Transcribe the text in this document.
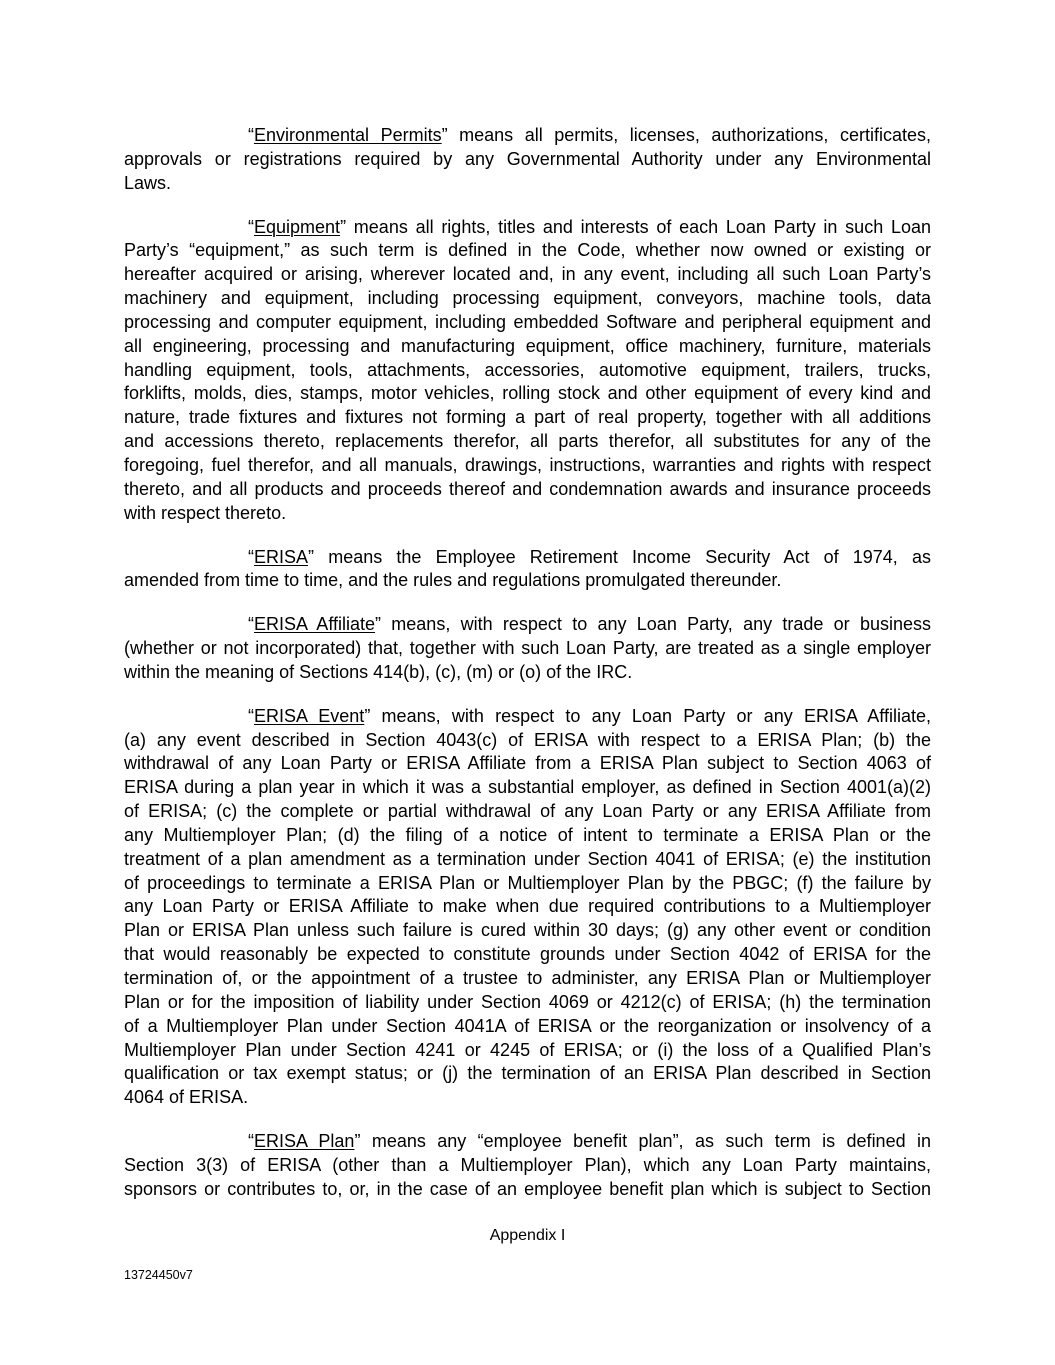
“Environmental Permits” means all permits, licenses, authorizations, certificates,
approvals or registrations required by any Governmental Authority under any Environmental
Laws.
“Equipment” means all rights, titles and interests of each Loan Party in such Loan
Party’s “equipment,” as such term is defined in the Code, whether now owned or existing or
hereafter acquired or arising, wherever located and, in any event, including all such Loan Party’s
machinery and equipment, including processing equipment, conveyors, machine tools, data
processing and computer equipment, including embedded Software and peripheral equipment and
all engineering, processing and manufacturing equipment, office machinery, furniture, materials
handling equipment, tools, attachments, accessories, automotive equipment, trailers, trucks,
forklifts, molds, dies, stamps, motor vehicles, rolling stock and other equipment of every kind and
nature, trade fixtures and fixtures not forming a part of real property, together with all additions
and accessions thereto, replacements therefor, all parts therefor, all substitutes for any of the
foregoing, fuel therefor, and all manuals, drawings, instructions, warranties and rights with respect
thereto, and all products and proceeds thereof and condemnation awards and insurance proceeds
with respect thereto.
“ERISA” means the Employee Retirement Income Security Act of 1974, as
amended from time to time, and the rules and regulations promulgated thereunder.
“ERISA Affiliate” means, with respect to any Loan Party, any trade or business
(whether or not incorporated) that, together with such Loan Party, are treated as a single employer
within the meaning of Sections 414(b), (c), (m) or (o) of the IRC.
“ERISA Event” means, with respect to any Loan Party or any ERISA Affiliate,
(a) any event described in Section 4043(c) of ERISA with respect to a ERISA Plan; (b) the
withdrawal of any Loan Party or ERISA Affiliate from a ERISA Plan subject to Section 4063 of
ERISA during a plan year in which it was a substantial employer, as defined in Section 4001(a)(2)
of ERISA; (c) the complete or partial withdrawal of any Loan Party or any ERISA Affiliate from
any Multiemployer Plan; (d) the filing of a notice of intent to terminate a ERISA Plan or the
treatment of a plan amendment as a termination under Section 4041 of ERISA; (e) the institution
of proceedings to terminate a ERISA Plan or Multiemployer Plan by the PBGC; (f) the failure by
any Loan Party or ERISA Affiliate to make when due required contributions to a Multiemployer
Plan or ERISA Plan unless such failure is cured within 30 days; (g) any other event or condition
that would reasonably be expected to constitute grounds under Section 4042 of ERISA for the
termination of, or the appointment of a trustee to administer, any ERISA Plan or Multiemployer
Plan or for the imposition of liability under Section 4069 or 4212(c) of ERISA; (h) the termination
of a Multiemployer Plan under Section 4041A of ERISA or the reorganization or insolvency of a
Multiemployer Plan under Section 4241 or 4245 of ERISA; or (i) the loss of a Qualified Plan’s
qualification or tax exempt status; or (j) the termination of an ERISA Plan described in Section
4064 of ERISA.
“ERISA Plan” means any “employee benefit plan”, as such term is defined in
Section 3(3) of ERISA (other than a Multiemployer Plan), which any Loan Party maintains,
sponsors or contributes to, or, in the case of an employee benefit plan which is subject to Section
Appendix I
13724450v7
